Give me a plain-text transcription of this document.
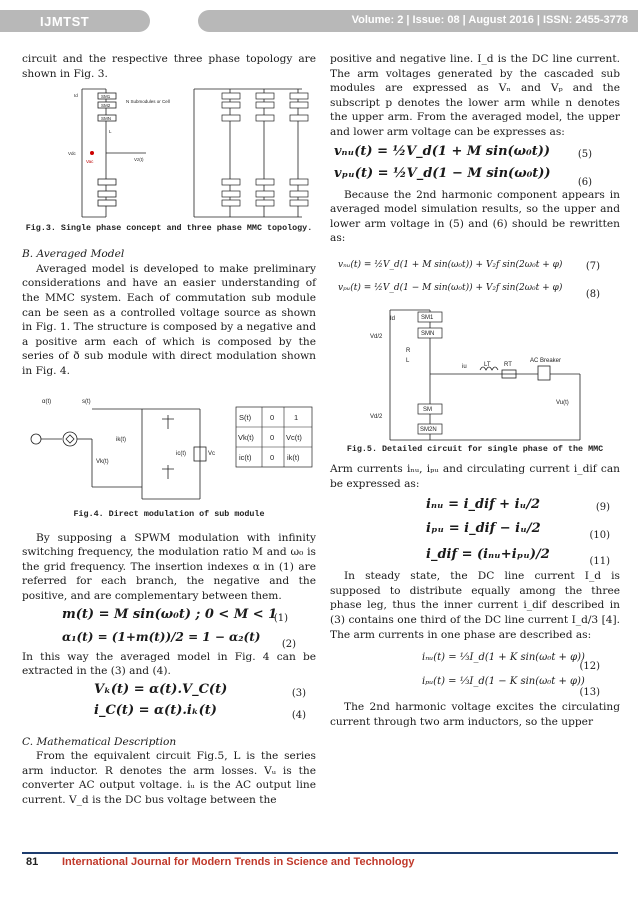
IJMTST	Volume: 2 | Issue: 08 | August 2016 | ISSN: 2455-3778

circuit and the respective three phase topology are shown in Fig. 3.

SM1
SM2
SMN
N Submodules or Cell
L
Id
Vdc
Vac	Vz(t)

Fig.3. Single phase concept and three phase MMC topology.

B. Averaged Model

Averaged model is developed to make preliminary considerations and have an easier understanding of the MMC system. Each of commutation sub module can be seen as a controlled voltage source as shown in Fig. 1. The structure is composed by a negative and a positive arm each of which is composed by the series of ð sub module with direct modulation shown in Fig. 4.

α(t)	s(t)
Vk(t)
ik(t)
ic(t)	Vc
S(t)	0	1
Vk(t) 0 Vc(t)
ic(t) 0 ik(t)

Fig.4. Direct modulation of sub module

By supposing a SPWM modulation with infinity switching frequency, the modulation ratio M and ω₀ is the grid frequency. The insertion indexes α in (1) are referred for each branch, the negative and the positive, and are complementary between them.

m(t) = M sin(ω₀t) ; 0 < M < 1
(1)
α₁(t) = (1+m(t))/2 = 1 − α₂(t)
(2)

In this way the averaged model in Fig. 4 can be extracted in the (3) and (4).

Vₖ(t) = α(t).V_C(t)	(3)
i_C(t) = α(t).iₖ(t)	(4)

C. Mathematical Description

From the equivalent circuit Fig.5, L is the series arm inductor. R denotes the arm losses. Vᵤ is the converter AC output voltage. iᵤ is the AC output line current. V_d is the DC bus voltage between the

positive and negative line. I_d is the DC line current. The arm voltages generated by the cascaded sub modules are expressed as Vₙ and Vₚ and the subscript p denotes the lower arm while n denotes the upper arm. From the averaged model, the upper and lower arm voltage can be expresses as:

vₙᵤ(t) = ½V_d(1 + M sin(ω₀t))	(5)
vₚᵤ(t) = ½V_d(1 − M sin(ω₀t))
(6)

Because the 2nd harmonic component appears in averaged model simulation results, so the upper and lower arm voltage in (5) and (6) should be rewritten as:

vₙᵤ(t) = ½V_d(1 + M sin(ω₀t)) + V₂f sin(2ω₀t + φ) (7)
vₚᵤ(t) = ½V_d(1 − M sin(ω₀t)) + V₂f sin(2ω₀t + φ)
(8)
SM1
SMN
SM
SM2N
R
L
LT RT
iu
AC Breaker
Vu(t)
Id
Vd/2
Vd/2

Fig.5. Detailed circuit for single phase of the MMC

Arm currents iₙᵤ, iₚᵤ and circulating current i_dif can be expressed as:

iₙᵤ = i_dif + iᵤ/2	(9)
iₚᵤ = i_dif − iᵤ/2	(10)
i_dif = (iₙᵤ+iₚᵤ)/2	(11)

In steady state, the DC line current I_d is supposed to distribute equally among the three phase leg, thus the inner current i_dif described in (3) contains one third of the DC line current I_d/3 [4]. The arm currents in one phase are described as:

iₙᵤ(t) = ⅓I_d(1 + K sin(ω₀t + φ))
(12)
iₚᵤ(t) = ⅓I_d(1 − K sin(ω₀t + φ))
(13)

The 2nd harmonic voltage excites the circulating current through two arm inductors, so the upper

81 International Journal for Modern Trends in Science and Technology
